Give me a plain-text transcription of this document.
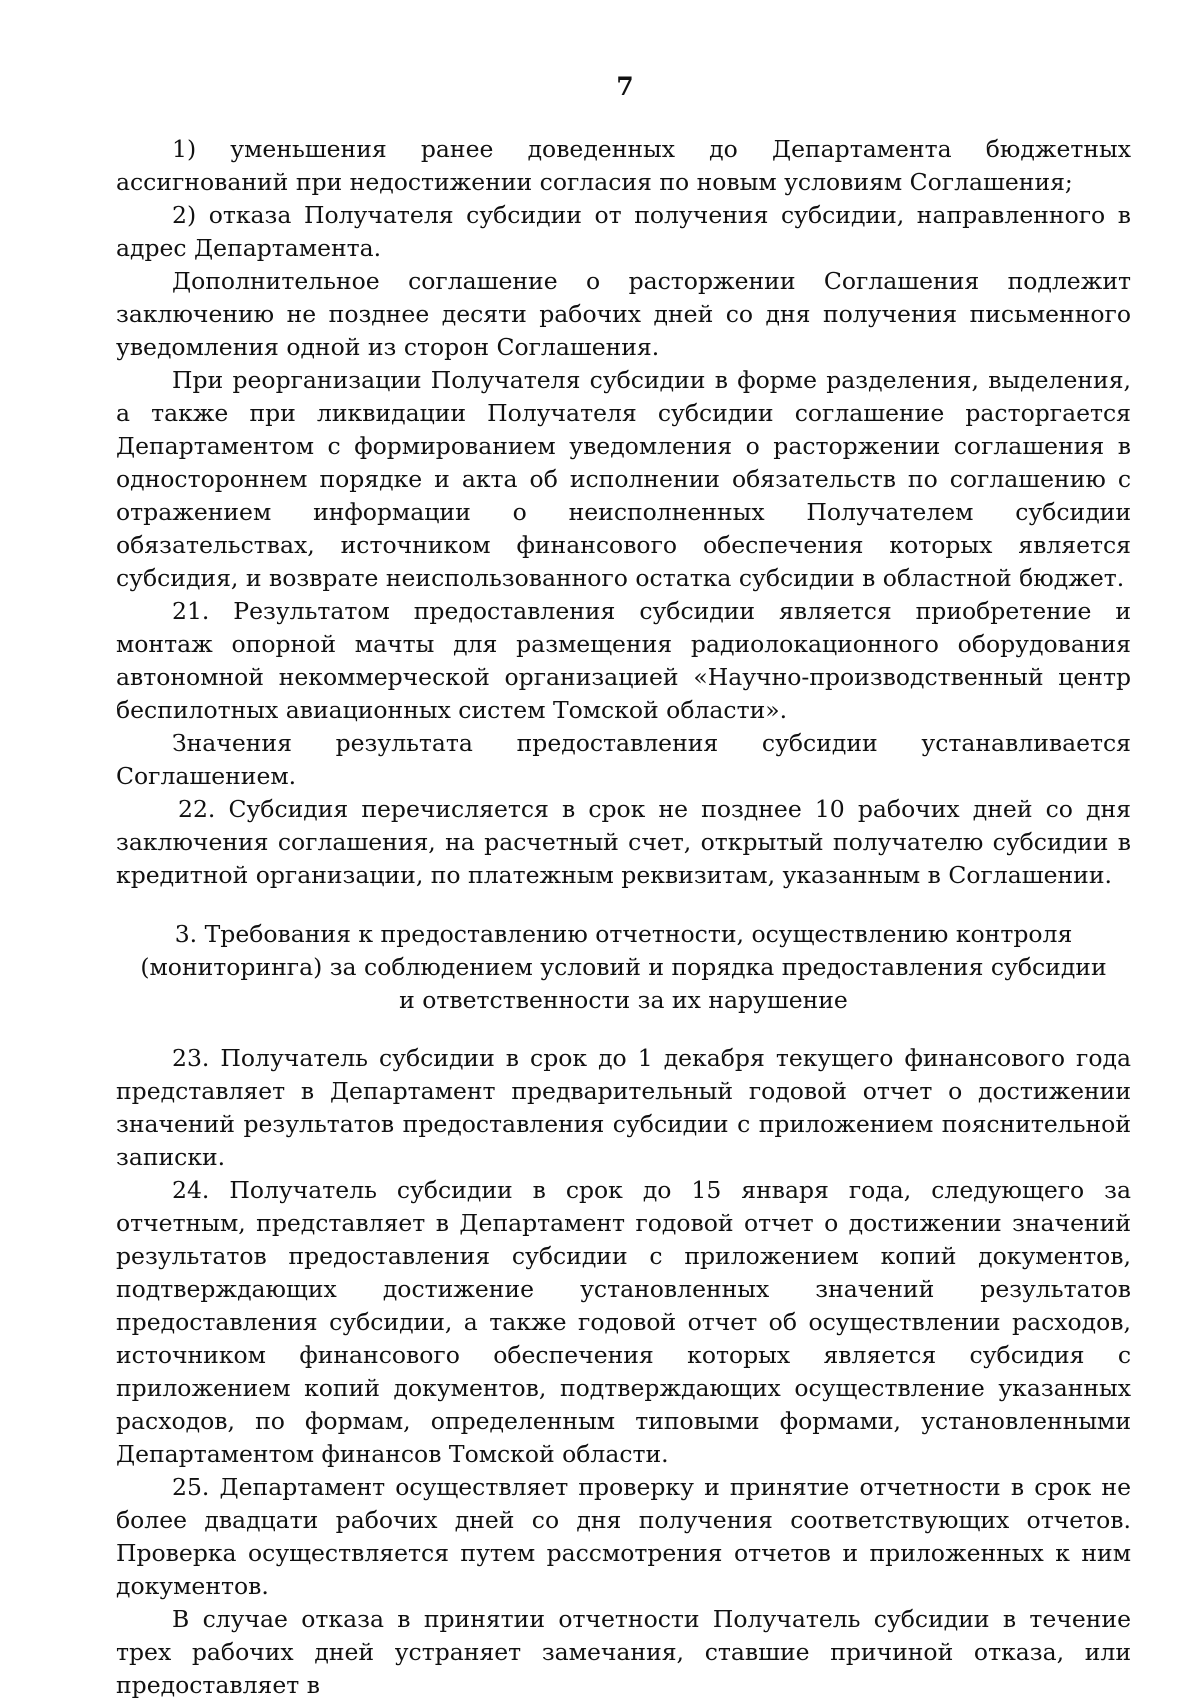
7

1) уменьшения ранее доведенных до Департамента бюджетных ассигнований при недостижении согласия по новым условиям Соглашения;

2) отказа Получателя субсидии от получения субсидии, направленного в адрес Департамента.

Дополнительное соглашение о расторжении Соглашения подлежит заключению не позднее десяти рабочих дней со дня получения письменного уведомления одной из сторон Соглашения.

При реорганизации Получателя субсидии в форме разделения, выделения, а также при ликвидации Получателя субсидии соглашение расторгается Департаментом с формированием уведомления о расторжении соглашения в одностороннем порядке и акта об исполнении обязательств по соглашению с отражением информации о неисполненных Получателем субсидии обязательствах, источником финансового обеспечения которых является субсидия, и возврате неиспользованного остатка субсидии в областной бюджет.

21. Результатом предоставления субсидии является приобретение и монтаж опорной мачты для размещения радиолокационного оборудования автономной некоммерческой организацией «Научно-производственный центр беспилотных авиационных систем Томской области».

Значения результата предоставления субсидии устанавливается Соглашением.

22. Субсидия перечисляется в срок не позднее 10 рабочих дней со дня заключения соглашения, на расчетный счет, открытый получателю субсидии в кредитной организации, по платежным реквизитам, указанным в Соглашении.

3. Требования к предоставлению отчетности, осуществлению контроля
(мониторинга) за соблюдением условий и порядка предоставления субсидии
и ответственности за их нарушение

23. Получатель субсидии в срок до 1 декабря текущего финансового года представляет в Департамент предварительный годовой отчет о достижении значений результатов предоставления субсидии с приложением пояснительной записки.

24. Получатель субсидии в срок до 15 января года, следующего за отчетным, представляет в Департамент годовой отчет о достижении значений результатов предоставления субсидии с приложением копий документов, подтверждающих достижение установленных значений результатов предоставления субсидии, а также годовой отчет об осуществлении расходов, источником финансового обеспечения которых является субсидия с приложением копий документов, подтверждающих осуществление указанных расходов, по формам, определенным типовыми формами, установленными Департаментом финансов Томской области.

25. Департамент осуществляет проверку и принятие отчетности в срок не более двадцати рабочих дней со дня получения соответствующих отчетов. Проверка осуществляется путем рассмотрения отчетов и приложенных к ним документов.

В случае отказа в принятии отчетности Получатель субсидии в течение трех рабочих дней устраняет замечания, ставшие причиной отказа, или предоставляет в
